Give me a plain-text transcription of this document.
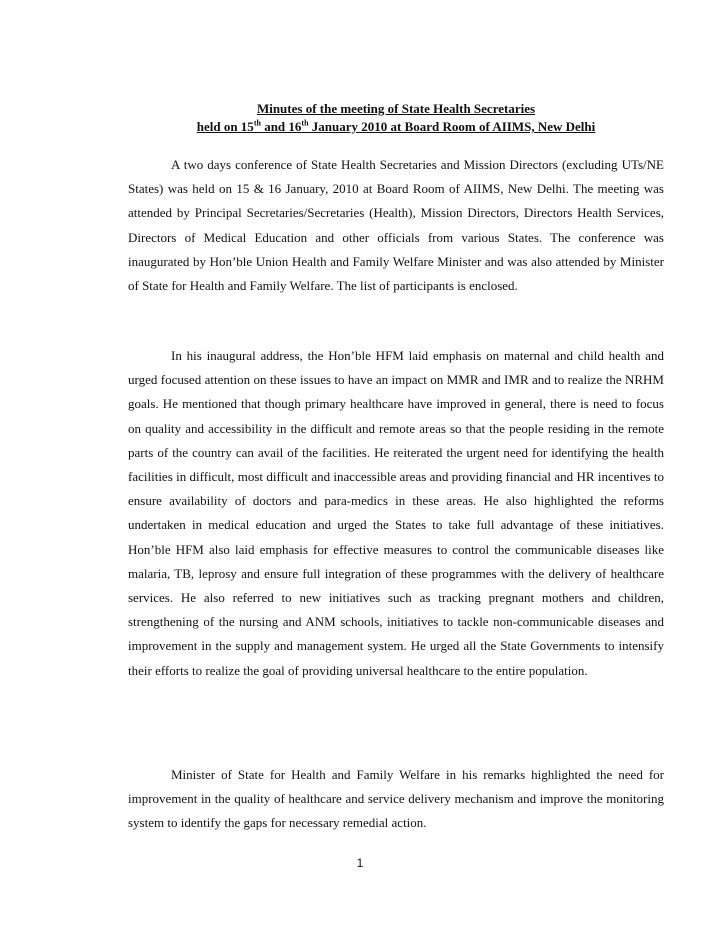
Minutes of the meeting of State Health Secretaries
held on 15th and 16th January 2010 at Board Room of AIIMS, New Delhi

A two days conference of State Health Secretaries and Mission Directors (excluding UTs/NE States) was held on 15 & 16 January, 2010 at Board Room of AIIMS, New Delhi. The meeting was attended by Principal Secretaries/Secretaries (Health), Mission Directors, Directors Health Services, Directors of Medical Education and other officials from various States. The conference was inaugurated by Hon’ble Union Health and Family Welfare Minister and was also attended by Minister of State for Health and Family Welfare. The list of participants is enclosed.

In his inaugural address, the Hon’ble HFM laid emphasis on maternal and child health and urged focused attention on these issues to have an impact on MMR and IMR and to realize the NRHM goals. He mentioned that though primary healthcare have improved in general, there is need to focus on quality and accessibility in the difficult and remote areas so that the people residing in the remote parts of the country can avail of the facilities. He reiterated the urgent need for identifying the health facilities in difficult, most difficult and inaccessible areas and providing financial and HR incentives to ensure availability of doctors and para-medics in these areas. He also highlighted the reforms undertaken in medical education and urged the States to take full advantage of these initiatives. Hon’ble HFM also laid emphasis for effective measures to control the communicable diseases like malaria, TB, leprosy and ensure full integration of these programmes with the delivery of healthcare services. He also referred to new initiatives such as tracking pregnant mothers and children, strengthening of the nursing and ANM schools, initiatives to tackle non-communicable diseases and improvement in the supply and management system. He urged all the State Governments to intensify their efforts to realize the goal of providing universal healthcare to the entire population.

Minister of State for Health and Family Welfare in his remarks highlighted the need for improvement in the quality of healthcare and service delivery mechanism and improve the monitoring system to identify the gaps for necessary remedial action.

1
